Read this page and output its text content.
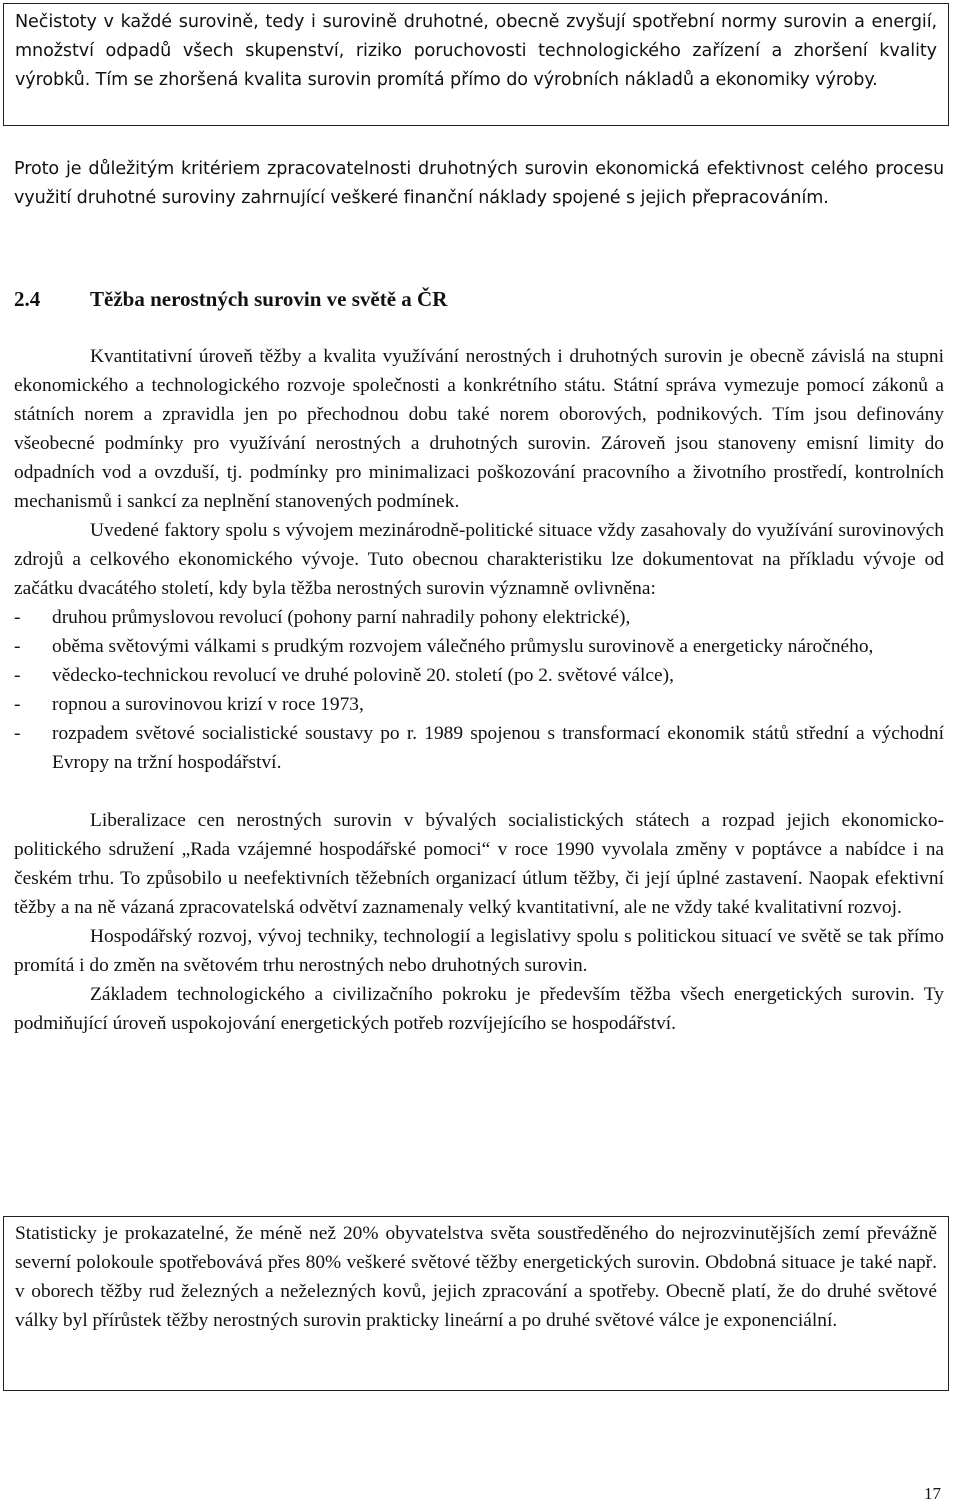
Nečistoty v každé surovině, tedy i surovině druhotné, obecně zvyšují spotřební normy surovin a energií, množství odpadů všech skupenství, riziko poruchovosti technologického zařízení a zhoršení kvality výrobků. Tím se zhoršená kvalita surovin promítá přímo do výrobních nákladů a ekonomiky výroby.

Proto je důležitým kritériem zpracovatelnosti druhotných surovin ekonomická efektivnost celého procesu využití druhotné suroviny zahrnující veškeré finanční náklady spojené s jejich přepracováním.

2.4 Těžba nerostných surovin ve světě a ČR

Kvantitativní úroveň těžby a kvalita využívání nerostných i druhotných surovin je obecně závislá na stupni ekonomického a technologického rozvoje společnosti a konkrétního státu. Státní správa vymezuje pomocí zákonů a státních norem a zpravidla jen po přechodnou dobu také norem oborových, podnikových. Tím jsou definovány všeobecné podmínky pro využívání nerostných a druhotných surovin. Zároveň jsou stanoveny emisní limity do odpadních vod a ovzduší, tj. podmínky pro minimalizaci poškozování pracovního a životního prostředí, kontrolních mechanismů i sankcí za neplnění stanovených podmínek.

Uvedené faktory spolu s vývojem mezinárodně-politické situace vždy zasahovaly do využívání surovinových zdrojů a celkového ekonomického vývoje. Tuto obecnou charakteristiku lze dokumentovat na příkladu vývoje od začátku dvacátého století, kdy byla těžba nerostných surovin významně ovlivněna:

- druhou průmyslovou revolucí (pohony parní nahradily pohony elektrické),
- oběma světovými válkami s prudkým rozvojem válečného průmyslu surovinově a energeticky náročného,
- vědecko-technickou revolucí ve druhé polovině 20. století (po 2. světové válce),
- ropnou a surovinovou krizí v roce 1973,
- rozpadem světové socialistické soustavy po r. 1989 spojenou s transformací ekonomik států střední a východní Evropy na tržní hospodářství.

Liberalizace cen nerostných surovin v bývalých socialistických státech a rozpad jejich ekonomicko-politického sdružení „Rada vzájemné hospodářské pomoci“ v roce 1990 vyvolala změny v poptávce a nabídce i na českém trhu. To způsobilo u neefektivních těžebních organizací útlum těžby, či její úplné zastavení. Naopak efektivní těžby a na ně vázaná zpracovatelská odvětví zaznamenaly velký kvantitativní, ale ne vždy také kvalitativní rozvoj.

Hospodářský rozvoj, vývoj techniky, technologií a legislativy spolu s politickou situací ve světě se tak přímo promítá i do změn na světovém trhu nerostných nebo druhotných surovin.

Základem technologického a civilizačního pokroku je především těžba všech energetických surovin. Ty podmiňující úroveň uspokojování energetických potřeb rozvíjejícího se hospodářství.

Statisticky je prokazatelné, že méně než 20% obyvatelstva světa soustředěného do nejrozvinutějších zemí převážně severní polokoule spotřebovává přes 80% veškeré světové těžby energetických surovin. Obdobná situace je také např. v oborech těžby rud železných a neželezných kovů, jejich zpracování a spotřeby. Obecně platí, že do druhé světové války byl přírůstek těžby nerostných surovin prakticky lineární a po druhé světové válce je exponenciální.

17
